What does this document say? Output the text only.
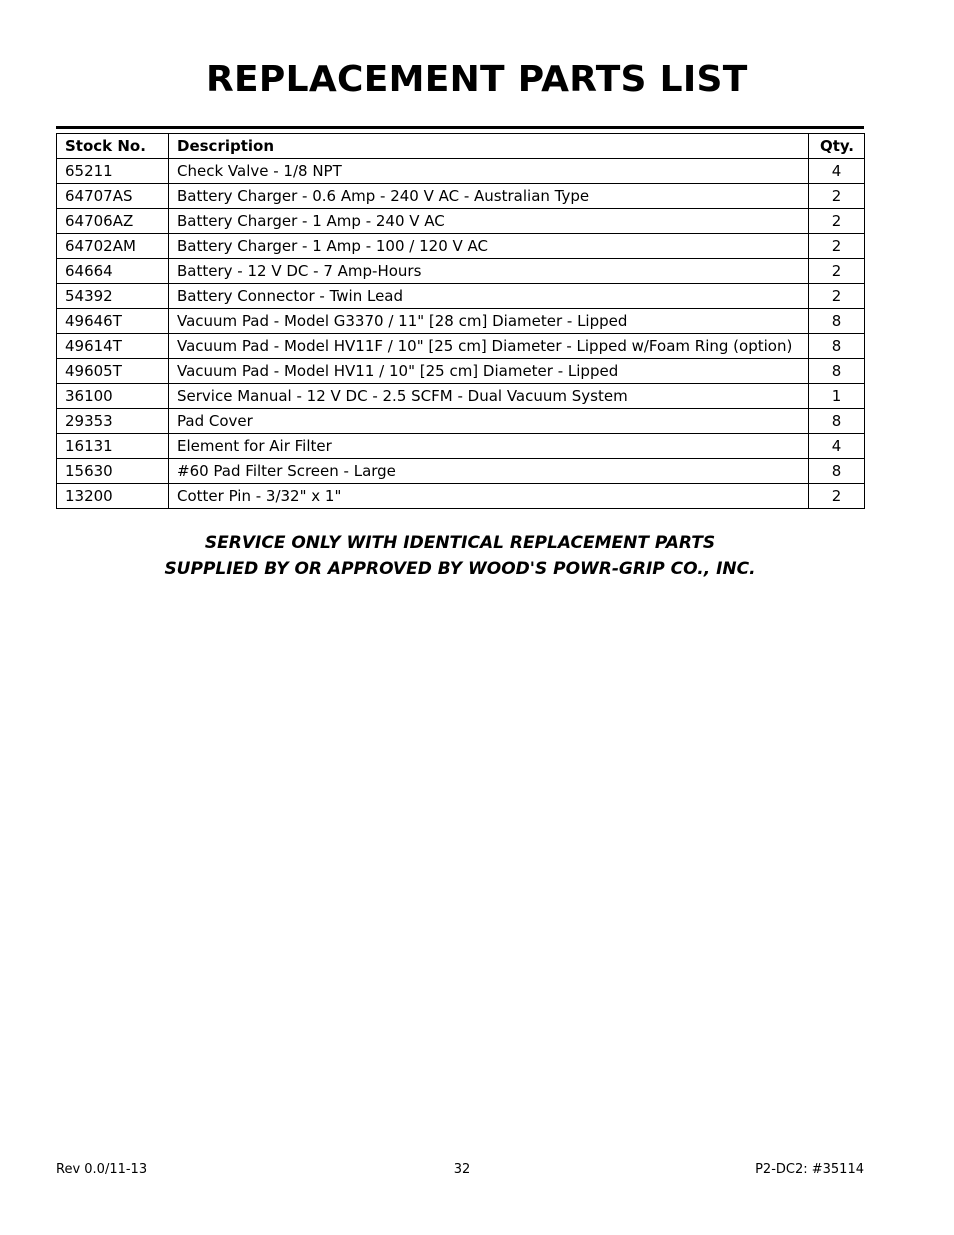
REPLACEMENT PARTS LIST
Stock No.	Description	Qty.
65211	Check Valve - 1/8 NPT	4
64707AS	Battery Charger - 0.6 Amp - 240 V AC - Australian Type	2
64706AZ	Battery Charger - 1 Amp - 240 V AC	2
64702AM	Battery Charger - 1 Amp - 100 / 120 V AC	2
64664	Battery - 12 V DC - 7 Amp-Hours	2
54392	Battery Connector - Twin Lead	2
49646T	Vacuum Pad - Model G3370 / 11" [28 cm] Diameter - Lipped	8
49614T	Vacuum Pad - Model HV11F / 10" [25 cm] Diameter - Lipped w/Foam Ring (option)	8
49605T	Vacuum Pad - Model HV11 / 10" [25 cm] Diameter - Lipped	8
36100	Service Manual - 12 V DC - 2.5 SCFM - Dual Vacuum System	1
29353	Pad Cover	8
16131	Element for Air Filter	4
15630	#60 Pad Filter Screen - Large	8
13200	Cotter Pin - 3/32" x 1"	2
SERVICE ONLY WITH IDENTICAL REPLACEMENT PARTS
SUPPLIED BY OR APPROVED BY WOOD'S POWR-GRIP CO., INC.
Rev 0.0/11-13	32	P2-DC2: #35114
